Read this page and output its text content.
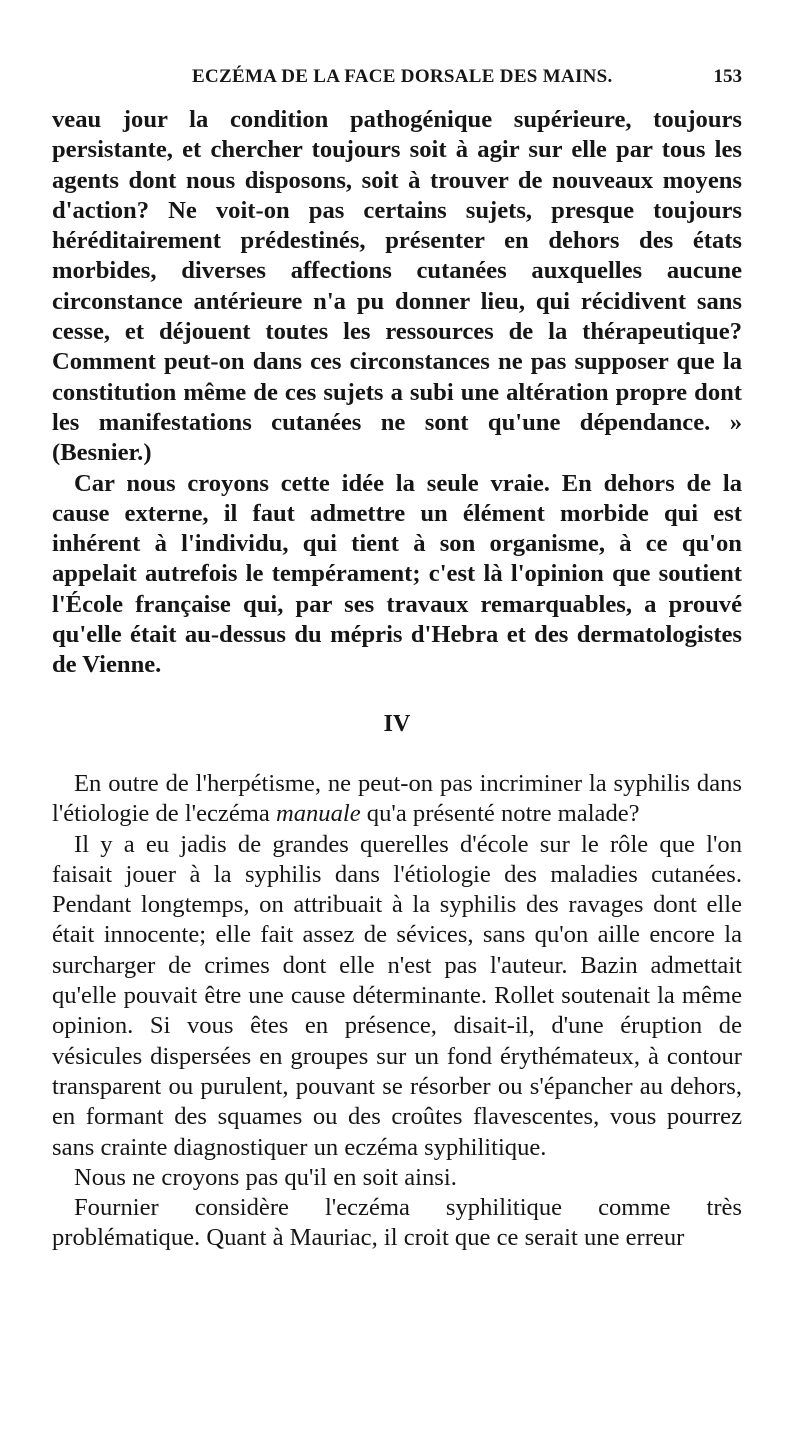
ECZÉMA DE LA FACE DORSALE DES MAINS.	153

veau jour la condition pathogénique supérieure, toujours persistante, et chercher toujours soit à agir sur elle par tous les agents dont nous disposons, soit à trouver de nouveaux moyens d'action? Ne voit-on pas certains sujets, presque toujours héréditairement prédestinés, présenter en dehors des états morbides, diverses affections cutanées auxquelles aucune circonstance antérieure n'a pu donner lieu, qui récidivent sans cesse, et déjouent toutes les ressources de la thérapeutique? Comment peut-on dans ces circonstances ne pas supposer que la constitution même de ces sujets a subi une altération propre dont les manifestations cutanées ne sont qu'une dépendance. » (Besnier.)

Car nous croyons cette idée la seule vraie. En dehors de la cause externe, il faut admettre un élément morbide qui est inhérent à l'individu, qui tient à son organisme, à ce qu'on appelait autrefois le tempérament; c'est là l'opinion que soutient l'École française qui, par ses travaux remarquables, a prouvé qu'elle était au-dessus du mépris d'Hebra et des dermatologistes de Vienne.

IV

En outre de l'herpétisme, ne peut-on pas incriminer la syphilis dans l'étiologie de l'eczéma manuale qu'a présenté notre malade?

Il y a eu jadis de grandes querelles d'école sur le rôle que l'on faisait jouer à la syphilis dans l'étiologie des maladies cutanées. Pendant longtemps, on attribuait à la syphilis des ravages dont elle était innocente; elle fait assez de sévices, sans qu'on aille encore la surcharger de crimes dont elle n'est pas l'auteur. Bazin admettait qu'elle pouvait être une cause déterminante. Rollet soutenait la même opinion. Si vous êtes en présence, disait-il, d'une éruption de vésicules dispersées en groupes sur un fond érythémateux, à contour transparent ou purulent, pouvant se résorber ou s'épancher au dehors, en formant des squames ou des croûtes flavescentes, vous pourrez sans crainte diagnostiquer un eczéma syphilitique.

Nous ne croyons pas qu'il en soit ainsi.

Fournier considère l'eczéma syphilitique comme très problématique. Quant à Mauriac, il croit que ce serait une erreur
